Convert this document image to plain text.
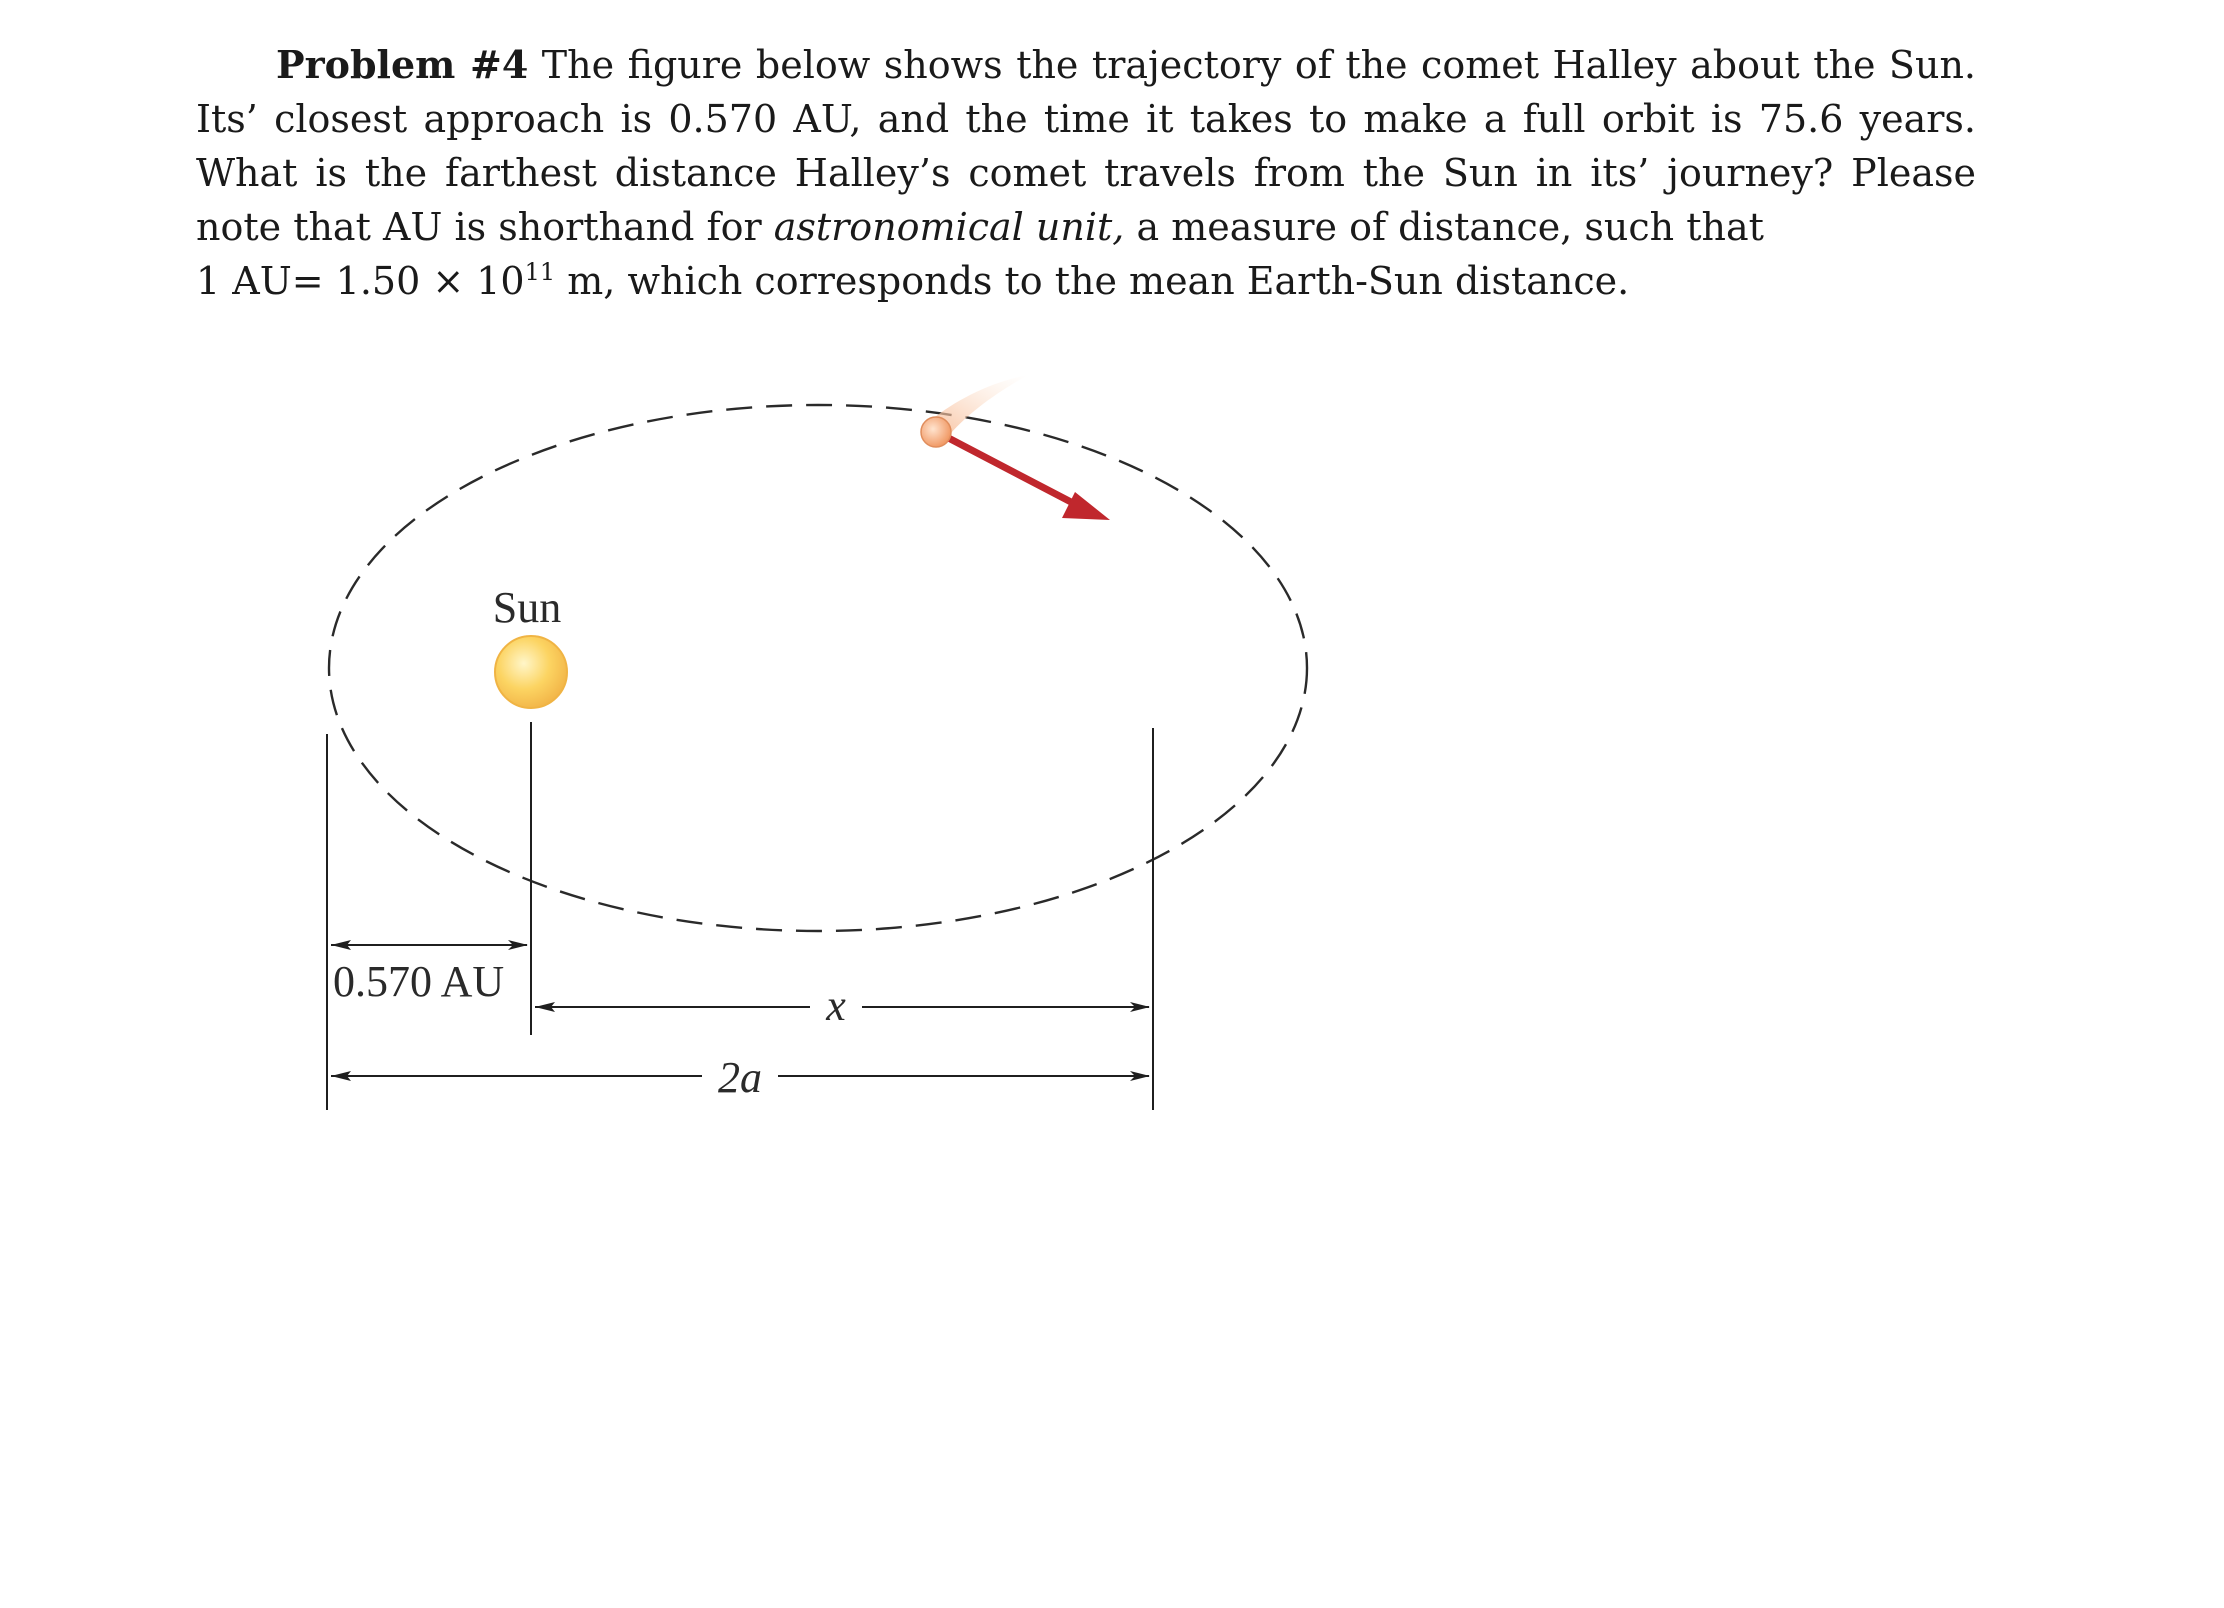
Problem #4 The figure below shows the trajectory of the comet Halley about the Sun. Its’ closest approach is 0.570 AU, and the time it takes to make a full orbit is 75.6 years. What is the farthest distance Halley’s comet travels from the Sun in its’ journey? Please note that AU is shorthand for astronomical unit, a measure of distance, such that

1 $AU= 1.50 \times 10^{11}$ m, which corresponds to the mean Earth-Sun distance.

Sun
0.570 AU	x
2a
